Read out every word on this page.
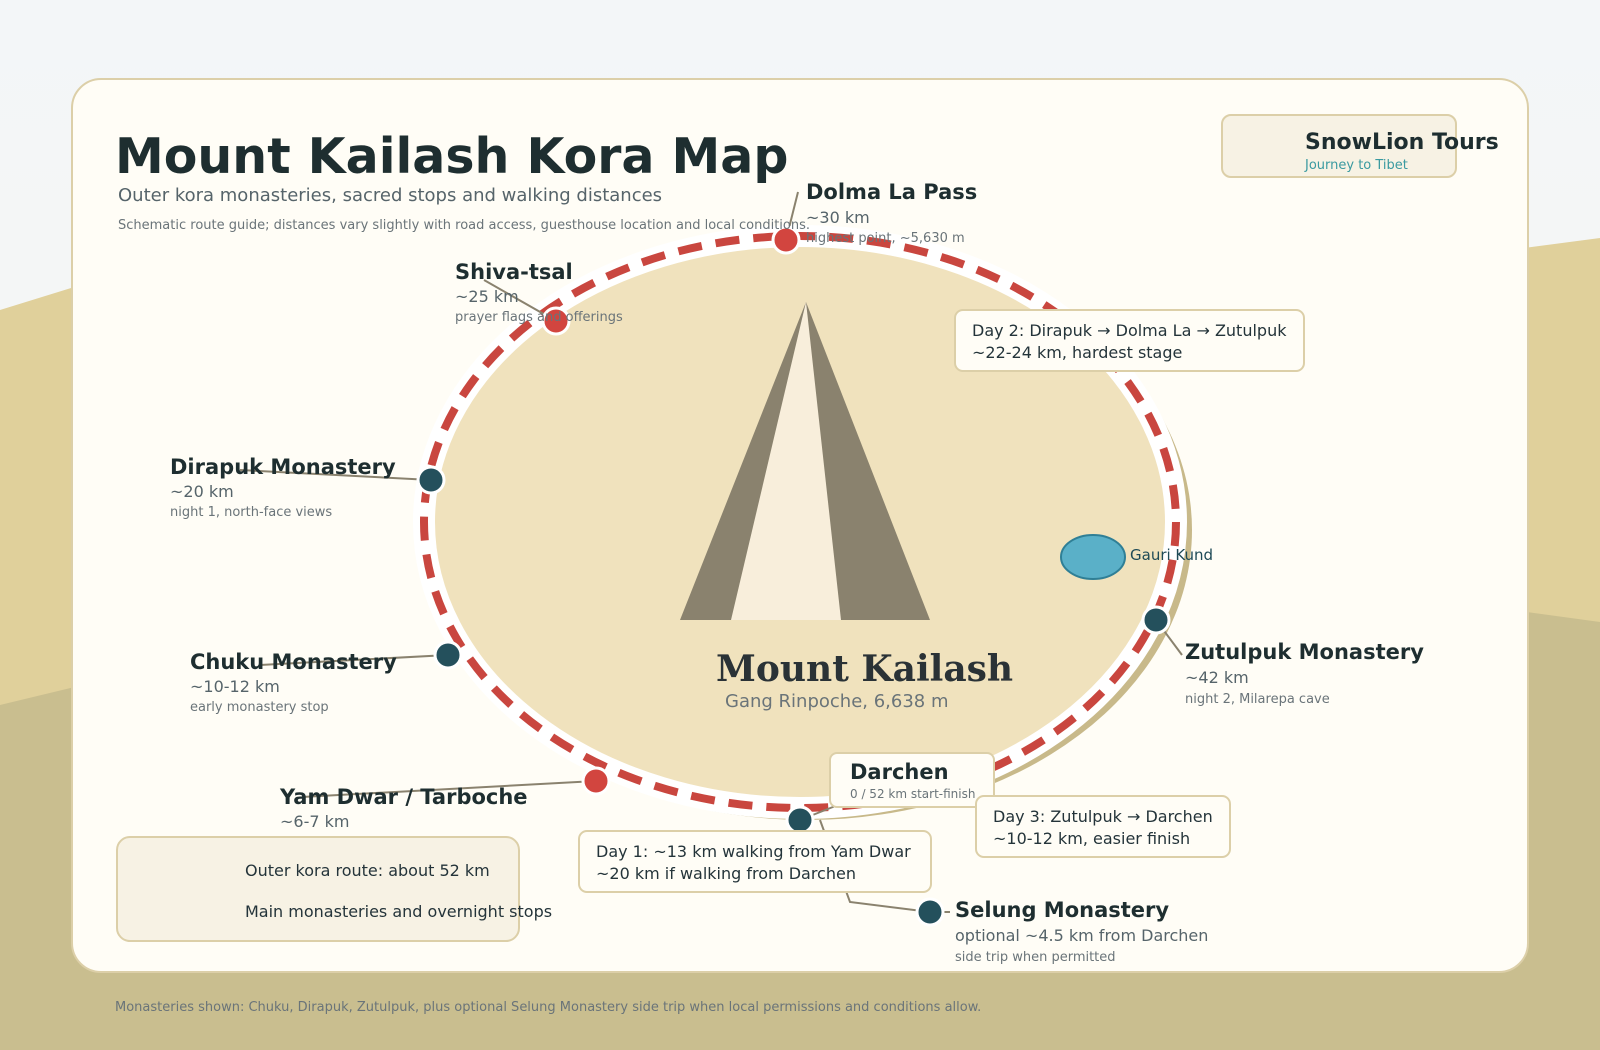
Mount Kailash Kora Map
Outer kora monasteries, sacred stops and walking distances
Schematic route guide; distances vary slightly with road access, guesthouse location and local conditions.
SnowLion Tours
Journey to Tibet
Dolma La Pass
~30 km
highest point, ~5,630 m
Shiva-tsal
~25 km
prayer flags and offerings
Dirapuk Monastery
~20 km
night 1, north-face views
Chuku Monastery
~10-12 km
early monastery stop
Yam Dwar / Tarboche
~6-7 km
Zutulpuk Monastery
~42 km
night 2, Milarepa cave
Darchen
0 / 52 km start-finish
Selung Monastery
optional ~4.5 km from Darchen
side trip when permitted
Gauri Kund
Mount Kailash
Gang Rinpoche, 6,638 m
Day 2: Dirapuk → Dolma La → Zutulpuk
~22-24 km, hardest stage
Day 3: Zutulpuk → Darchen
~10-12 km, easier finish
Day 1: ~13 km walking from Yam Dwar
~20 km if walking from Darchen
Outer kora route: about 52 km
Main monasteries and overnight stops
Monasteries shown: Chuku, Dirapuk, Zutulpuk, plus optional Selung Monastery side trip when local permissions and conditions allow.
